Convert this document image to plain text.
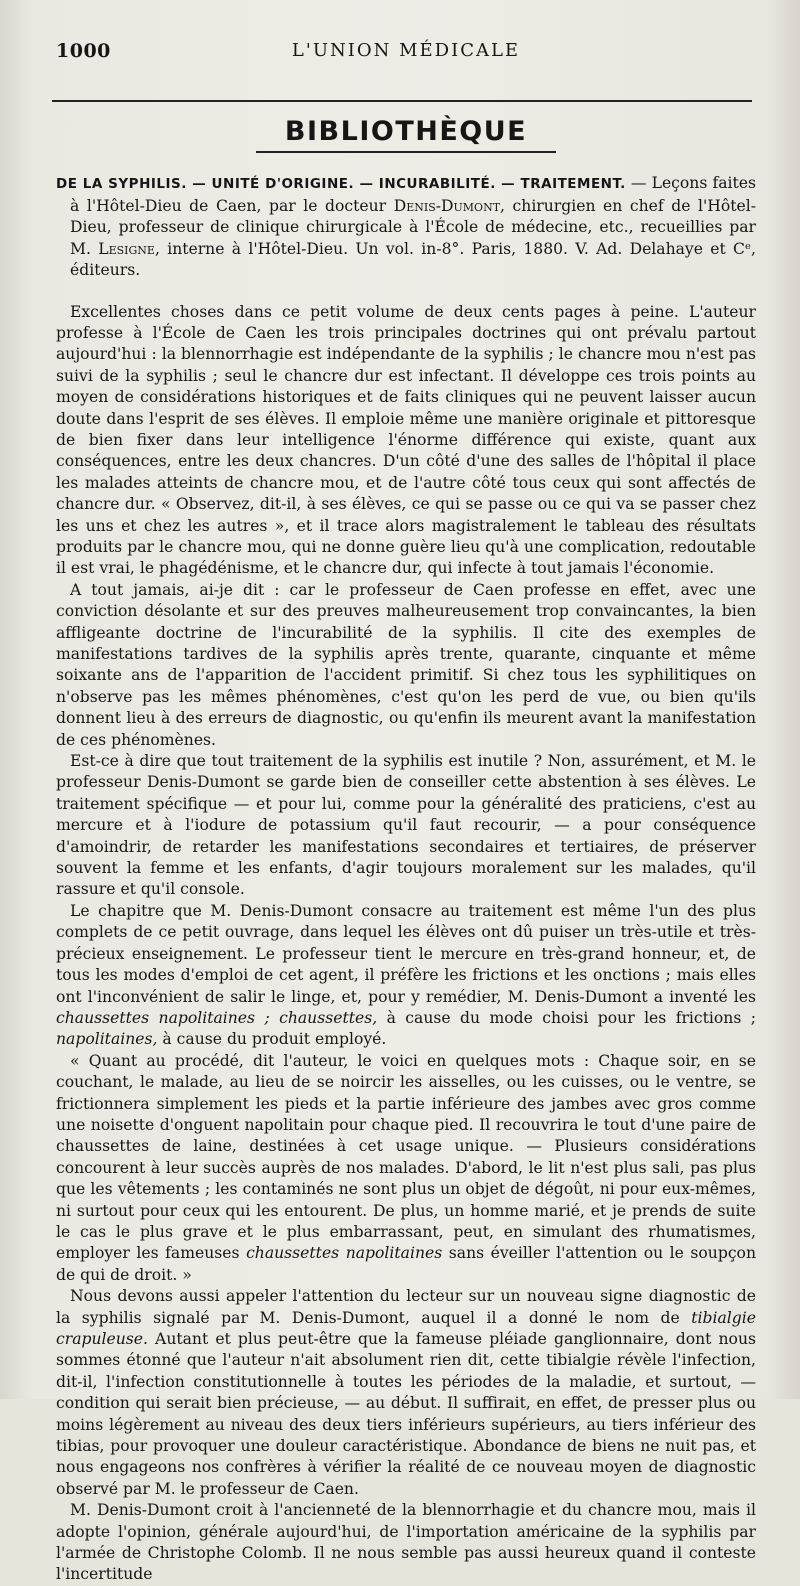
1000	L'UNION MÉDICALE
BIBLIOTHÈQUE
DE LA SYPHILIS. — UNITÉ D'ORIGINE. — INCURABILITÉ. — TRAITEMENT. — Leçons faites à l'Hôtel-Dieu de Caen, par le docteur Denis-Dumont, chirurgien en chef de l'Hôtel-Dieu, professeur de clinique chirurgicale à l'École de médecine, etc., recueillies par M. Lesigne, interne à l'Hôtel-Dieu. Un vol. in-8°. Paris, 1880. V. Ad. Delahaye et Cᵉ, éditeurs.

Excellentes choses dans ce petit volume de deux cents pages à peine. L'auteur professe à l'École de Caen les trois principales doctrines qui ont prévalu partout aujourd'hui : la blennorrhagie est indépendante de la syphilis ; le chancre mou n'est pas suivi de la syphilis ; seul le chancre dur est infectant. Il développe ces trois points au moyen de considérations historiques et de faits cliniques qui ne peuvent laisser aucun doute dans l'esprit de ses élèves. Il emploie même une manière originale et pittoresque de bien fixer dans leur intelligence l'énorme différence qui existe, quant aux conséquences, entre les deux chancres. D'un côté d'une des salles de l'hôpital il place les malades atteints de chancre mou, et de l'autre côté tous ceux qui sont affectés de chancre dur. « Observez, dit-il, à ses élèves, ce qui se passe ou ce qui va se passer chez les uns et chez les autres », et il trace alors magistralement le tableau des résultats produits par le chancre mou, qui ne donne guère lieu qu'à une complication, redoutable il est vrai, le phagédénisme, et le chancre dur, qui infecte à tout jamais l'économie.

A tout jamais, ai-je dit : car le professeur de Caen professe en effet, avec une conviction désolante et sur des preuves malheureusement trop convaincantes, la bien affligeante doctrine de l'incurabilité de la syphilis. Il cite des exemples de manifestations tardives de la syphilis après trente, quarante, cinquante et même soixante ans de l'apparition de l'accident primitif. Si chez tous les syphilitiques on n'observe pas les mêmes phénomènes, c'est qu'on les perd de vue, ou bien qu'ils donnent lieu à des erreurs de diagnostic, ou qu'enfin ils meurent avant la manifestation de ces phénomènes.

Est-ce à dire que tout traitement de la syphilis est inutile ? Non, assurément, et M. le professeur Denis-Dumont se garde bien de conseiller cette abstention à ses élèves. Le traitement spécifique — et pour lui, comme pour la généralité des praticiens, c'est au mercure et à l'iodure de potassium qu'il faut recourir, — a pour conséquence d'amoindrir, de retarder les manifestations secondaires et tertiaires, de préserver souvent la femme et les enfants, d'agir toujours moralement sur les malades, qu'il rassure et qu'il console.

Le chapitre que M. Denis-Dumont consacre au traitement est même l'un des plus complets de ce petit ouvrage, dans lequel les élèves ont dû puiser un très-utile et très-précieux enseignement. Le professeur tient le mercure en très-grand honneur, et, de tous les modes d'emploi de cet agent, il préfère les frictions et les onctions ; mais elles ont l'inconvénient de salir le linge, et, pour y remédier, M. Denis-Dumont a inventé les chaussettes napolitaines ; chaussettes, à cause du mode choisi pour les frictions ; napolitaines, à cause du produit employé.

« Quant au procédé, dit l'auteur, le voici en quelques mots : Chaque soir, en se couchant, le malade, au lieu de se noircir les aisselles, ou les cuisses, ou le ventre, se frictionnera simplement les pieds et la partie inférieure des jambes avec gros comme une noisette d'onguent napolitain pour chaque pied. Il recouvrira le tout d'une paire de chaussettes de laine, destinées à cet usage unique. — Plusieurs considérations concourent à leur succès auprès de nos malades. D'abord, le lit n'est plus sali, pas plus que les vêtements ; les contaminés ne sont plus un objet de dégoût, ni pour eux-mêmes, ni surtout pour ceux qui les entourent. De plus, un homme marié, et je prends de suite le cas le plus grave et le plus embarrassant, peut, en simulant des rhumatismes, employer les fameuses chaussettes napolitaines sans éveiller l'attention ou le soupçon de qui de droit. »

Nous devons aussi appeler l'attention du lecteur sur un nouveau signe diagnostic de la syphilis signalé par M. Denis-Dumont, auquel il a donné le nom de tibialgie crapuleuse. Autant et plus peut-être que la fameuse pléiade ganglionnaire, dont nous sommes étonné que l'auteur n'ait absolument rien dit, cette tibialgie révèle l'infection, dit-il, l'infection constitutionnelle à toutes les périodes de la maladie, et surtout, — condition qui serait bien précieuse, — au début. Il suffirait, en effet, de presser plus ou moins légèrement au niveau des deux tiers inférieurs supérieurs, au tiers inférieur des tibias, pour provoquer une douleur caractéristique. Abondance de biens ne nuit pas, et nous engageons nos confrères à vérifier la réalité de ce nouveau moyen de diagnostic observé par M. le professeur de Caen.

M. Denis-Dumont croit à l'ancienneté de la blennorrhagie et du chancre mou, mais il adopte l'opinion, générale aujourd'hui, de l'importation américaine de la syphilis par l'armée de Christophe Colomb. Il ne nous semble pas aussi heureux quand il conteste l'incertitude
